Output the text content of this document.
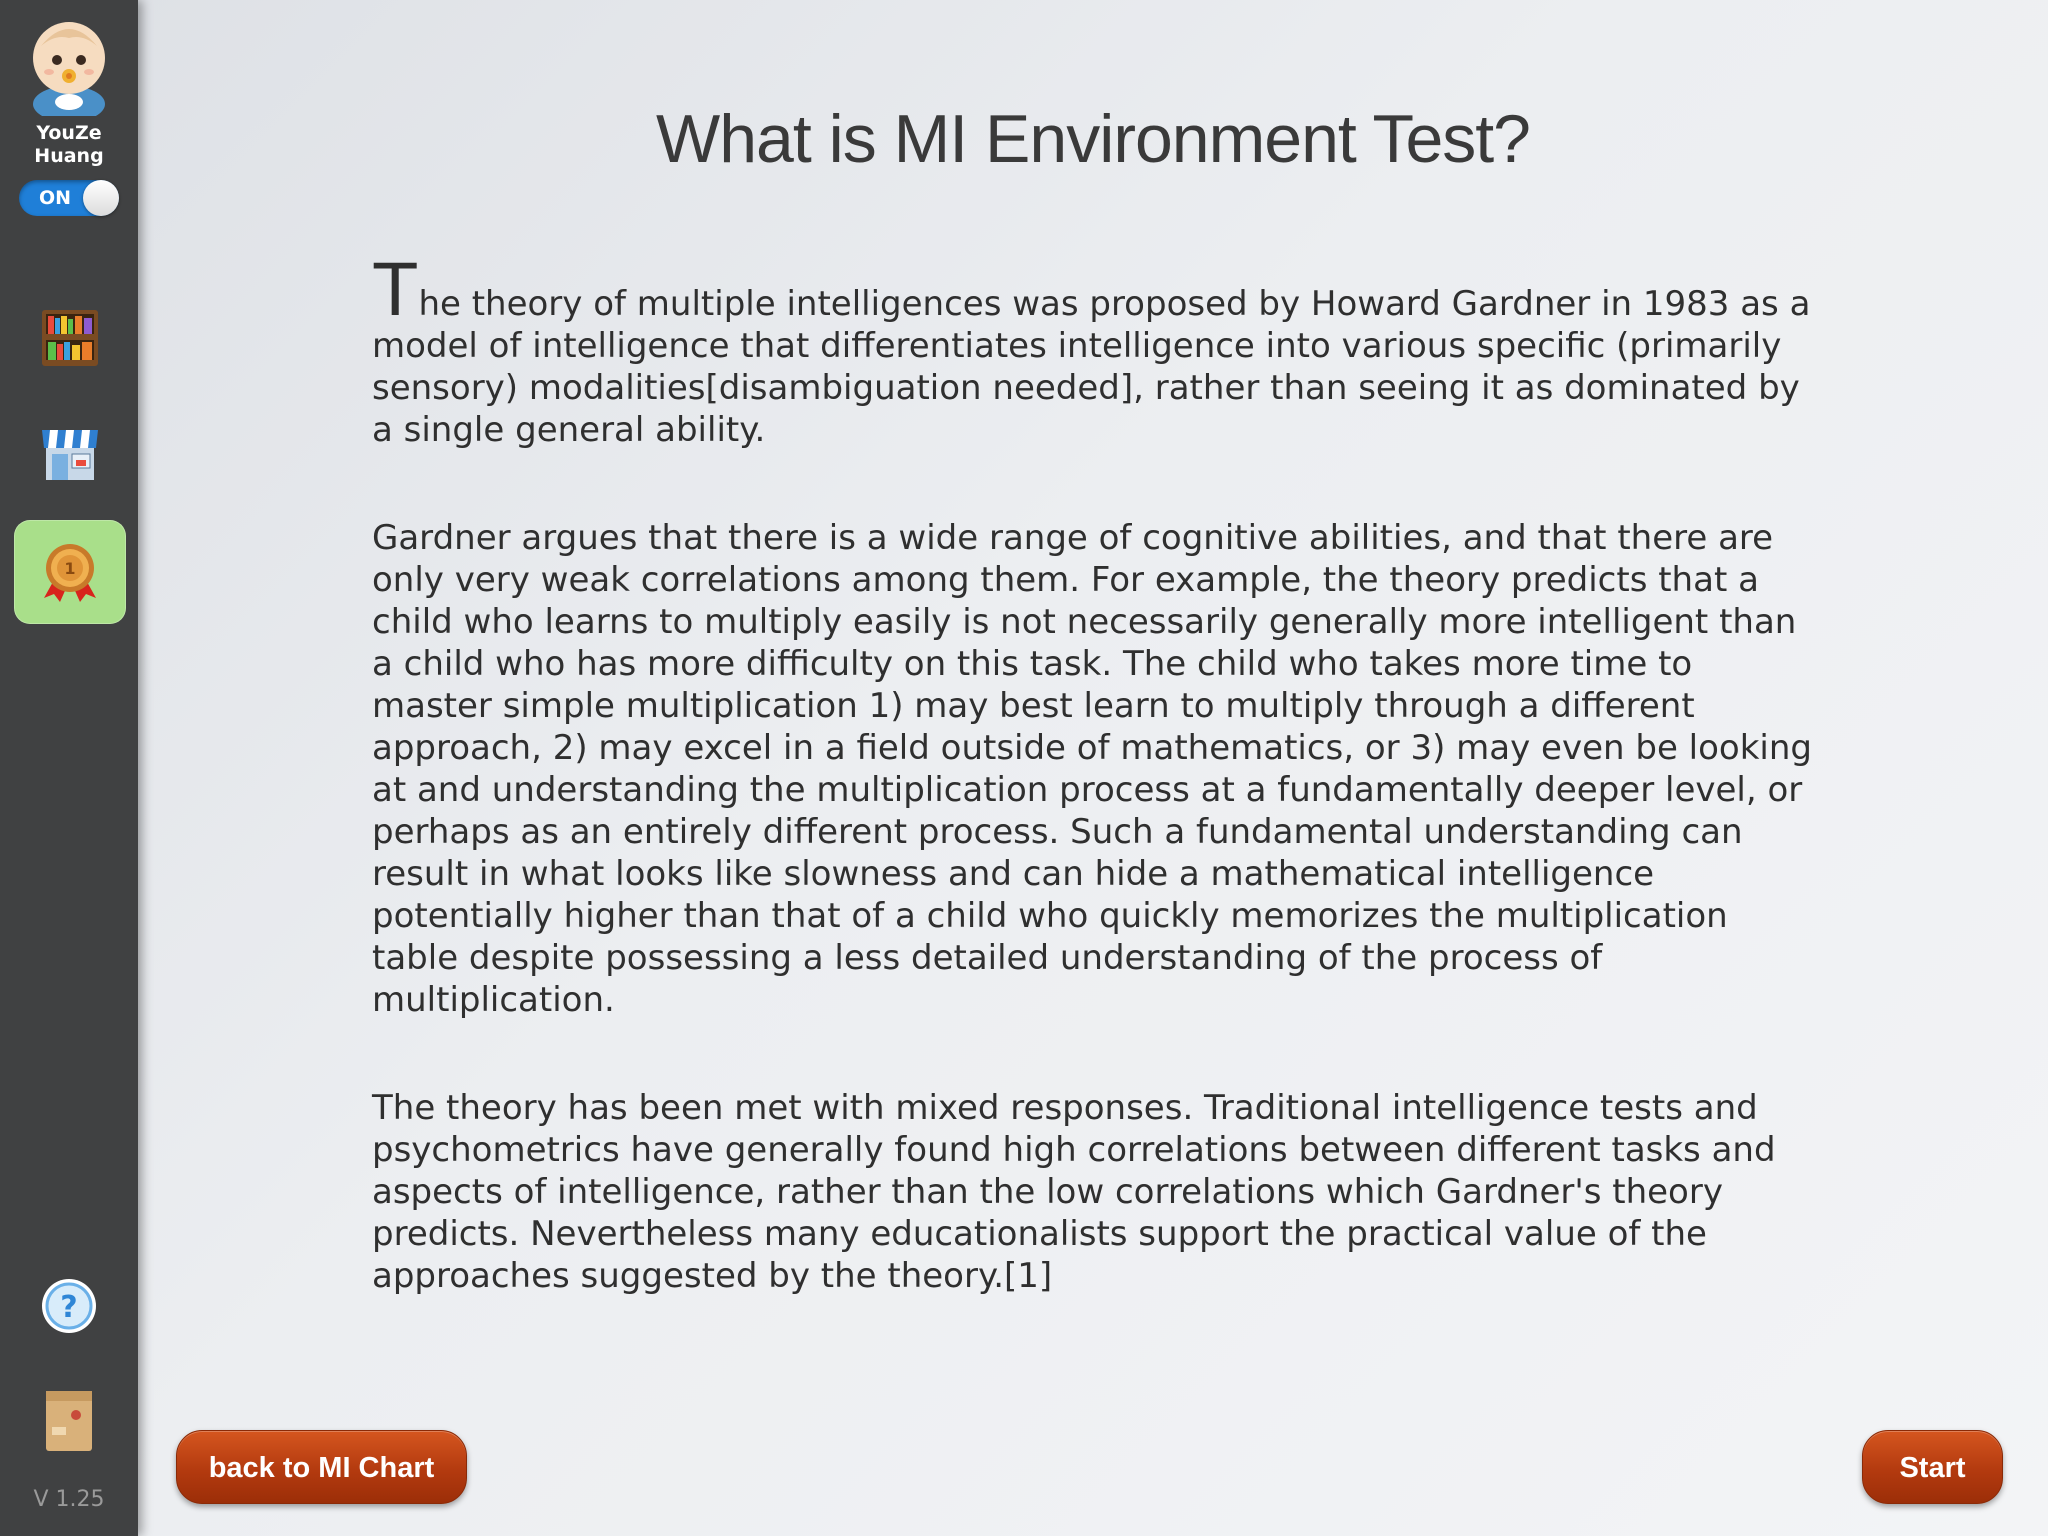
YouZe Huang
ON
1
?
V 1.25
What is MI Environment Test?

The theory of multiple intelligences was proposed by Howard Gardner in 1983 as a model of intelligence that differentiates intelligence into various specific (primarily sensory) modalities[disambiguation needed], rather than seeing it as dominated by a single general ability.

Gardner argues that there is a wide range of cognitive abilities, and that there are only very weak correlations among them. For example, the theory predicts that a child who learns to multiply easily is not necessarily generally more intelligent than a child who has more difficulty on this task. The child who takes more time to master simple multiplication 1) may best learn to multiply through a different approach, 2) may excel in a field outside of mathematics, or 3) may even be looking at and understanding the multiplication process at a fundamentally deeper level, or perhaps as an entirely different process. Such a fundamental understanding can result in what looks like slowness and can hide a mathematical intelligence potentially higher than that of a child who quickly memorizes the multiplication table despite possessing a less detailed understanding of the process of multiplication.

The theory has been met with mixed responses. Traditional intelligence tests and psychometrics have generally found high correlations between different tasks and aspects of intelligence, rather than the low correlations which Gardner's theory predicts. Nevertheless many educationalists support the practical value of the approaches suggested by the theory.[1]

back to MI Chart	Start
